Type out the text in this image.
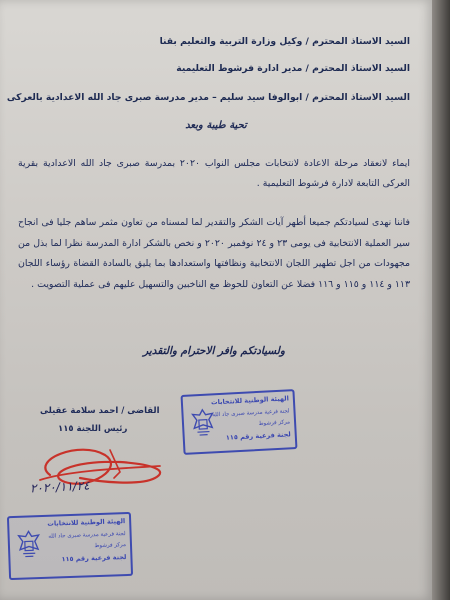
السيد الاستاذ المحترم / وكيل وزارة التربية والتعليم بقنا
السيد الاستاذ المحترم / مدير ادارة فرشوط التعليمية
السيد الاستاذ المحترم / ابوالوفا سيد سليم – مدير مدرسة صبرى جاد الله الاعدادية بالعركى
تحية طيبة وبعد
ايماء لانعقاد مرحلة الاعادة لانتخابات مجلس النواب ٢٠٢٠ بمدرسة صبرى جاد الله الاعدادية بقرية العركى التابعة لادارة فرشوط التعليمية .
فاننا نهدى لسيادتكم جميعا أطهر آيات الشكر والتقدير لما لمسناه من تعاون مثمر ساهم جليا فى انجاح سير العملية الانتخابية فى يومى ٢٣ و ٢٤ نوفمبر ٢٠٢٠ و نخص بالشكر ادارة المدرسة نظرا لما بذل من مجهودات من اجل تطهير اللجان الانتخابية ونظافتها واستعدادها بما يليق بالسادة القضاة رؤساء اللجان ١١٣ و ١١٤ و ١١٥ و ١١٦ فضلا عن التعاون للحوظ مع الناخبين والتسهيل عليهم فى عملية التصويت .
ولسيادتكم وافر الاحترام والتقدير
الهيئة الوطنية للانتخابات
لجنة فرعية مدرسة صبرى جاد الله
مركز فرشوط
لجنة فرعية رقم ١١٥
القاضى / احمد سلامة عقيلى
رئيس اللجنة ١١٥
٢٠٢٠/١١/٢٤
الهيئة الوطنية للانتخابات
لجنة فرعية مدرسة صبرى جاد الله
مركز فرشوط
لجنة فرعية رقم ١١٥
